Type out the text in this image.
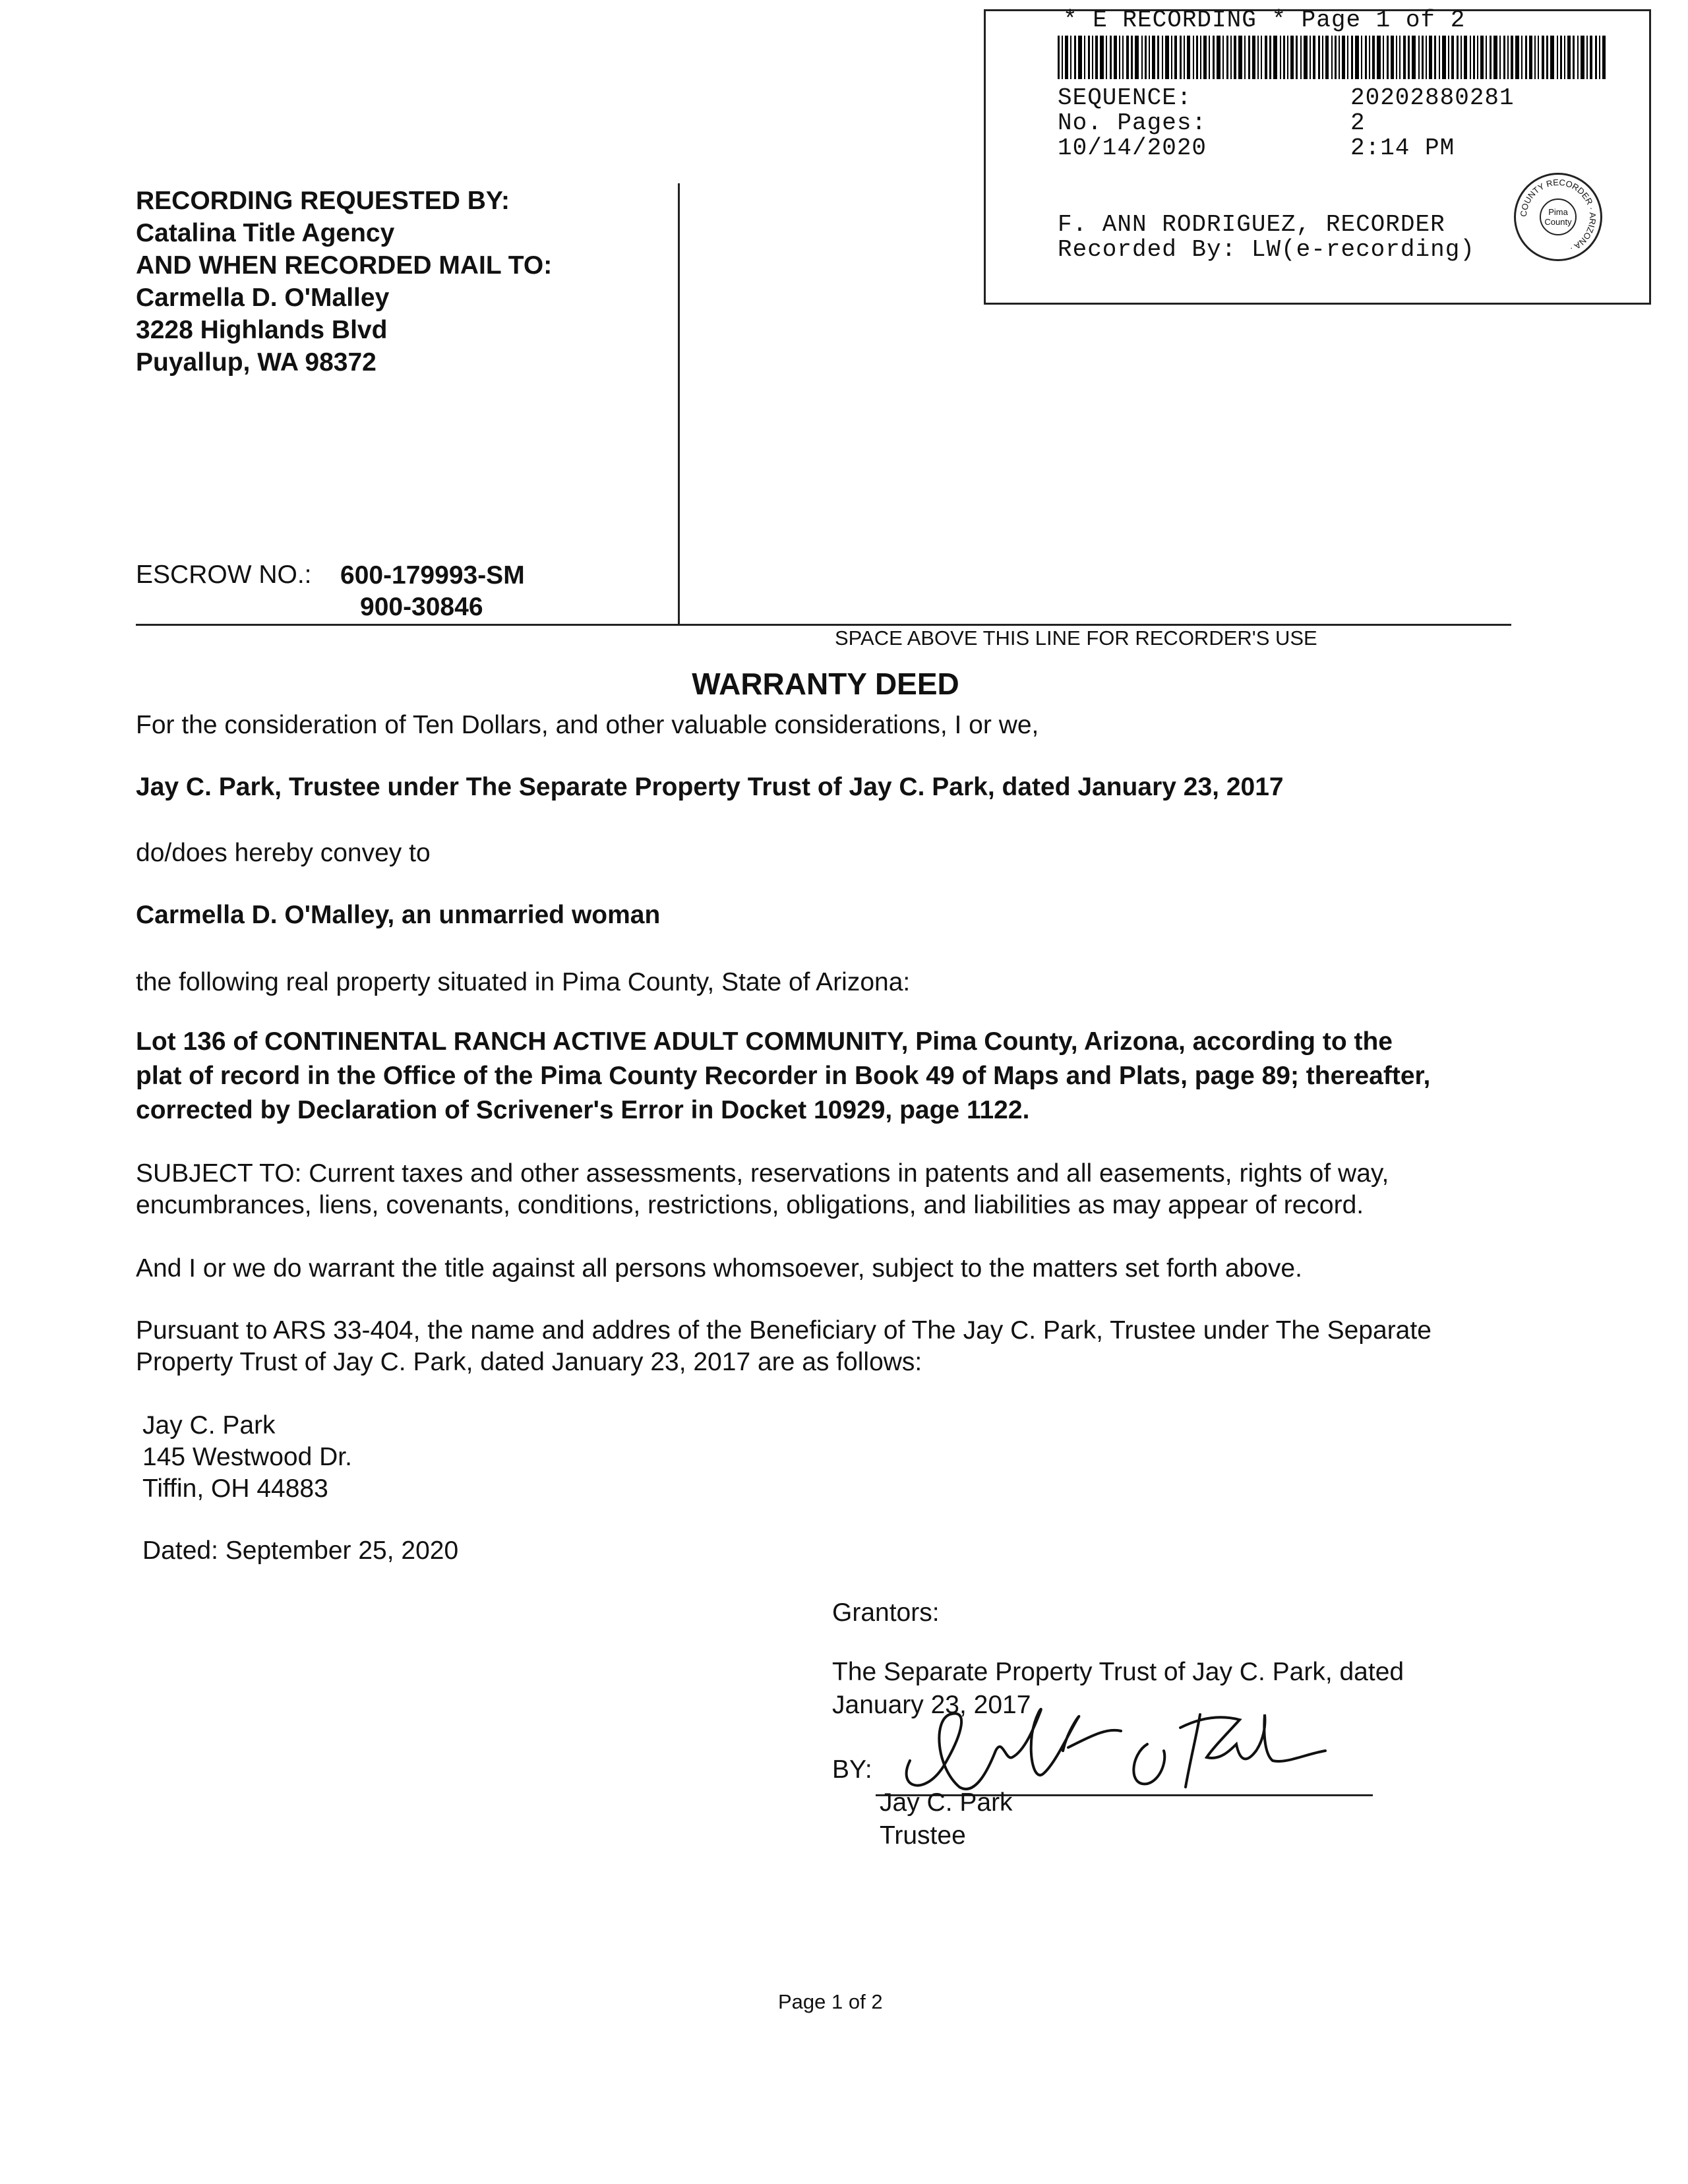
* E RECORDING * Page 1 of 2
SEQUENCE:	20202880281
No. Pages:	2
10/14/2020	2:14 PM
F. ANN RODRIGUEZ, RECORDER
Recorded By: LW(e-recording)
COUNTY RECORDER · ARIZONA ·
Pima County
RECORDING REQUESTED BY:
Catalina Title Agency
AND WHEN RECORDED MAIL TO:
Carmella D. O'Malley
3228 Highlands Blvd
Puyallup, WA 98372
ESCROW NO.: 600-179993-SM
900-30846
SPACE ABOVE THIS LINE FOR RECORDER'S USE
WARRANTY DEED
For the consideration of Ten Dollars, and other valuable considerations, I or we,
Jay C. Park, Trustee under The Separate Property Trust of Jay C. Park, dated January 23, 2017
do/does hereby convey to
Carmella D. O'Malley, an unmarried woman
the following real property situated in Pima County, State of Arizona:
Lot 136 of CONTINENTAL RANCH ACTIVE ADULT COMMUNITY, Pima County, Arizona, according to the
plat of record in the Office of the Pima County Recorder in Book 49 of Maps and Plats, page 89; thereafter,
corrected by Declaration of Scrivener's Error in Docket 10929, page 1122.
SUBJECT TO: Current taxes and other assessments, reservations in patents and all easements, rights of way,
encumbrances, liens, covenants, conditions, restrictions, obligations, and liabilities as may appear of record.
And I or we do warrant the title against all persons whomsoever, subject to the matters set forth above.
Pursuant to ARS 33-404, the name and addres of the Beneficiary of The Jay C. Park, Trustee under The Separate
Property Trust of Jay C. Park, dated January 23, 2017 are as follows:
Jay C. Park
145 Westwood Dr.
Tiffin, OH 44883
Dated: September 25, 2020
Grantors:
The Separate Property Trust of Jay C. Park, dated
January 23, 2017
BY:
Jay C. Park
Trustee
Page 1 of 2
